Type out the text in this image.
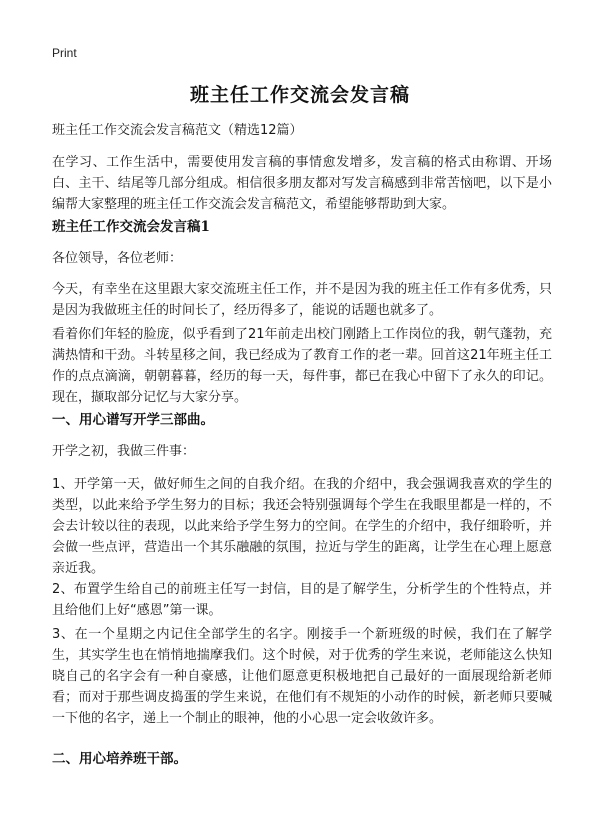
Print
班主任工作交流会发言稿

班主任工作交流会发言稿范文（精选12篇）

在学习、工作生活中，需要使用发言稿的事情愈发增多，发言稿的格式由称谓、开场白、主干、结尾等几部分组成。相信很多朋友都对写发言稿感到非常苦恼吧，以下是小编帮大家整理的班主任工作交流会发言稿范文，希望能够帮助到大家。

班主任工作交流会发言稿1

各位领导，各位老师：

今天，有幸坐在这里跟大家交流班主任工作，并不是因为我的班主任工作有多优秀，只是因为我做班主任的时间长了，经历得多了，能说的话题也就多了。

看着你们年轻的脸庞，似乎看到了21年前走出校门刚踏上工作岗位的我，朝气蓬勃，充满热情和干劲。斗转星移之间，我已经成为了教育工作的老一辈。回首这21年班主任工作的点点滴滴，朝朝暮暮，经历的每一天，每件事，都已在我心中留下了永久的印记。现在，撷取部分记忆与大家分享。

一、用心谱写开学三部曲。

开学之初，我做三件事：

1、开学第一天，做好师生之间的自我介绍。在我的介绍中，我会强调我喜欢的学生的类型，以此来给予学生努力的目标；我还会特别强调每个学生在我眼里都是一样的，不会去计较以往的表现，以此来给予学生努力的空间。在学生的介绍中，我仔细聆听，并会做一些点评，营造出一个其乐融融的氛围，拉近与学生的距离，让学生在心理上愿意亲近我。

2、布置学生给自己的前班主任写一封信，目的是了解学生，分析学生的个性特点，并且给他们上好“感恩”第一课。

3、在一个星期之内记住全部学生的名字。刚接手一个新班级的时候，我们在了解学生，其实学生也在悄悄地揣摩我们。这个时候，对于优秀的学生来说，老师能这么快知晓自己的名字会有一种自豪感，让他们愿意更积极地把自己最好的一面展现给新老师看；而对于那些调皮捣蛋的学生来说，在他们有不规矩的小动作的时候，新老师只要喊一下他的名字，递上一个制止的眼神，他的小心思一定会收敛许多。

二、用心培养班干部。
